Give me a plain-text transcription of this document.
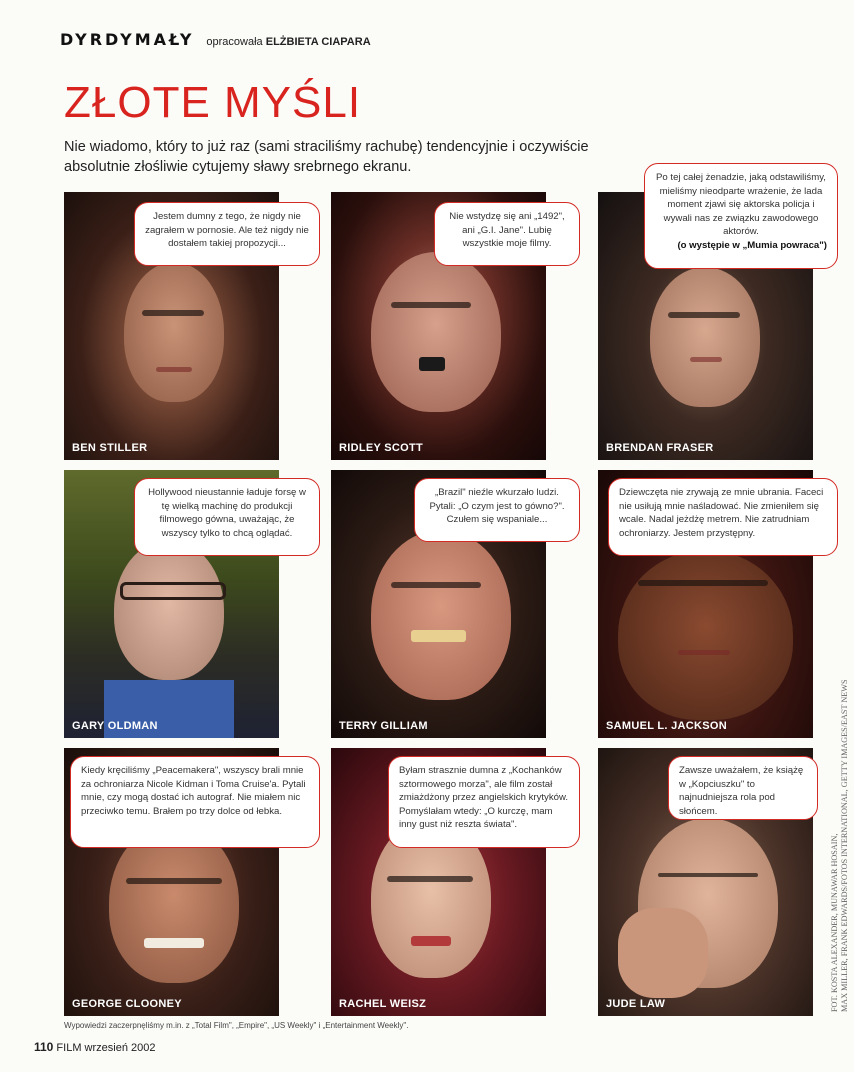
DYRDYMAŁY opracowała ELŻBIETA CIAPARA
ZŁOTE MYŚLI

Nie wiadomo, który to już raz (sami straciliśmy rachubę) tendencyjnie i oczywiście absolutnie złośliwie cytujemy sławy srebrnego ekranu.

BEN STILLER	RIDLEY SCOTT	BRENDAN FRASER
GARY OLDMAN	TERRY GILLIAM	SAMUEL L. JACKSON
GEORGE CLOONEY	RACHEL WEISZ	JUDE LAW
Jestem dumny z tego, że nigdy nie zagrałem w pornosie. Ale też nigdy nie dostałem takiej propozycji...
Nie wstydzę się ani „1492", ani „G.I. Jane". Lubię wszystkie moje filmy.
Po tej całej żenadzie, jaką odstawiliśmy, mieliśmy nieodparte wrażenie, że lada moment zjawi się aktorska policja i wywali nas ze związku zawodowego aktorów.
(o występie w „Mumia powraca")
Hollywood nieustannie ładuje forsę w tę wielką machinę do produkcji filmowego gówna, uważając, że wszyscy tylko to chcą oglądać.
„Brazil" nieźle wkurzało ludzi. Pytali: „O czym jest to gówno?". Czułem się wspaniale...
Dziewczęta nie zrywają ze mnie ubrania. Faceci nie usiłują mnie naśladować. Nie zmieniłem się wcale. Nadal jeżdżę metrem. Nie zatrudniam ochroniarzy. Jestem przystępny.
Kiedy kręciliśmy „Peacemakera", wszyscy brali mnie za ochroniarza Nicole Kidman i Toma Cruise'a. Pytali mnie, czy mogą dostać ich autograf. Nie miałem nic przeciwko temu. Brałem po trzy dolce od łebka.
Byłam strasznie dumna z „Kochanków sztormowego morza", ale film został zmiażdżony przez angielskich krytyków. Pomyślałam wtedy: „O kurczę, mam inny gust niż reszta świata".
Zawsze uważałem, że książę w „Kopciuszku" to najnudniejsza rola pod słońcem.
FOT. KOSTA ALEXANDER, MUNAWAR HOSAIN, MAX MILLER, FRANK EDWARDS/FOTOS INTERNATIONAL, GETTY IMAGES/EAST NEWS
Wypowiedzi zaczerpnęliśmy m.in. z „Total Film", „Empire", „US Weekly" i „Entertainment Weekly".
110 FILM wrzesień 2002
